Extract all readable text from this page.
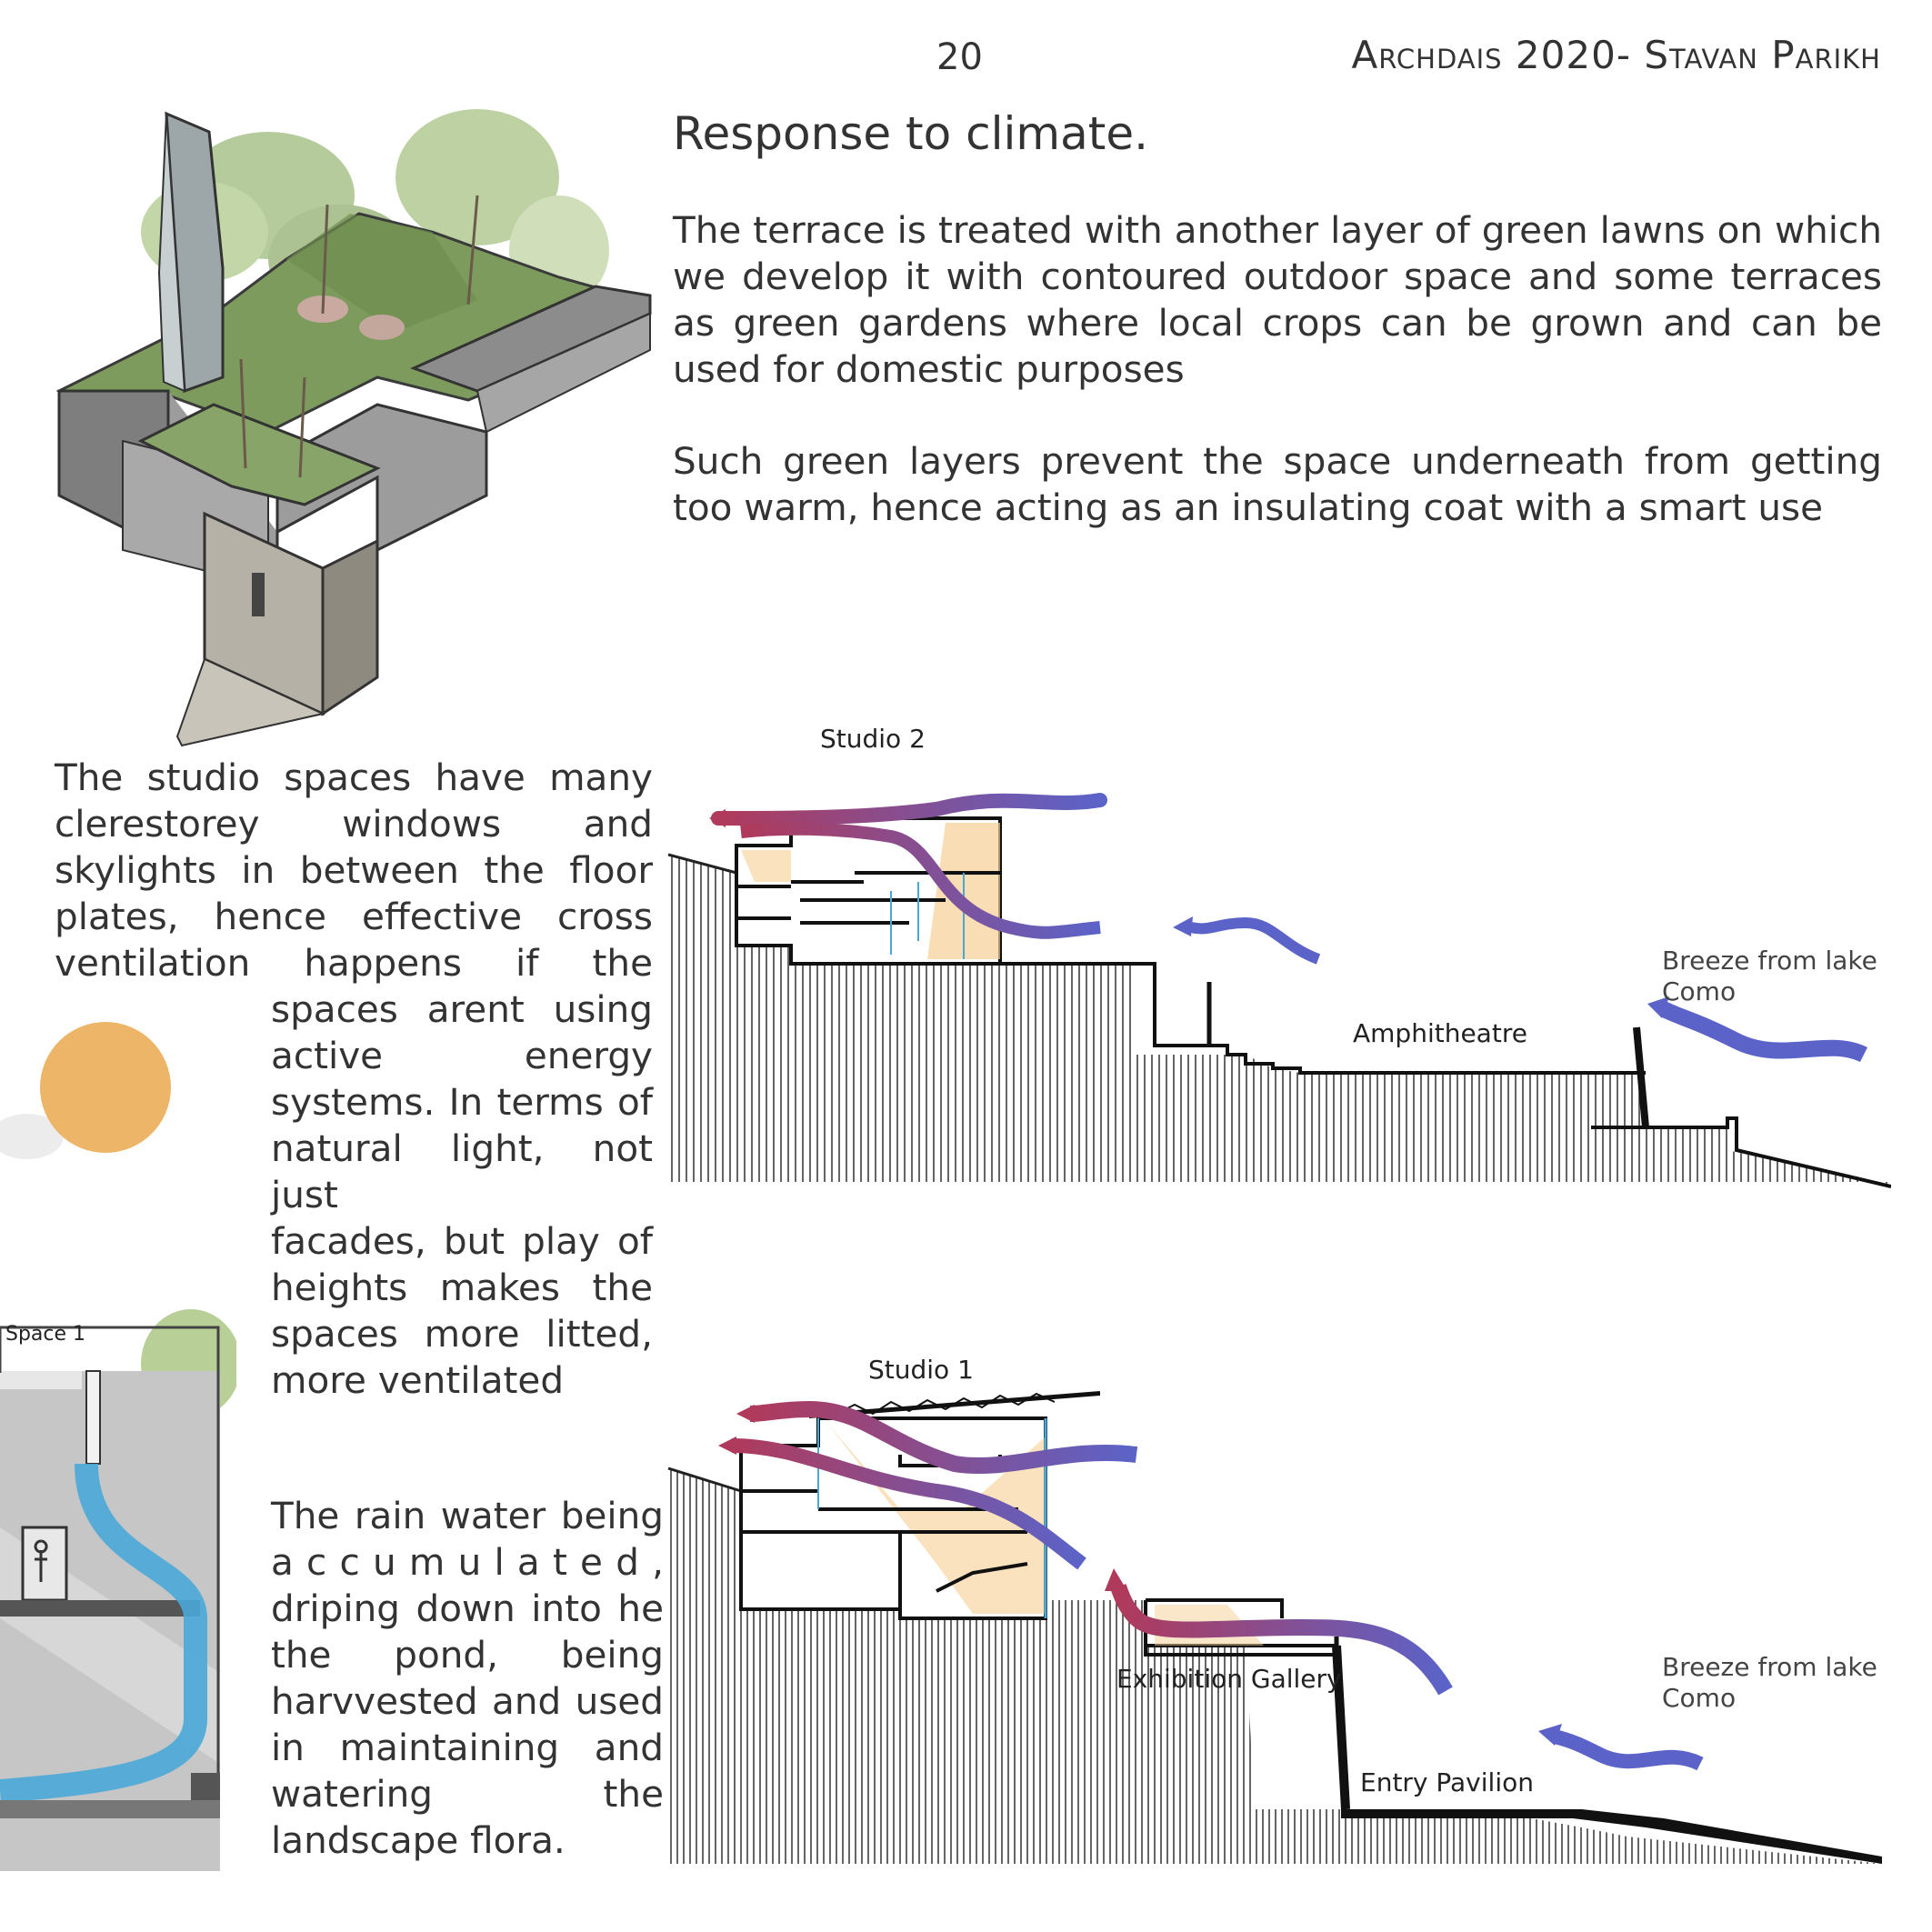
20	Archdais 2020- Stavan Parikh
Response to climate.

The terrace is treated with another layer of green lawns on which we develop it with contoured outdoor space and some terraces as green gardens where local crops can be grown and can be used for domestic purposes

Such green layers prevent the space underneath from getting too warm, hence acting as an insulating coat with a smart use

The studio spaces have many
clerestorey windows and
skylights in between the floor
plates, hence effective cross
ventilation happens if the
spaces arent using
active energy
systems. In terms of
natural light, not just
facades, but play of
heights makes the
spaces more litted,
more ventilated
The rain water being
a c c u m u l a t e d ,
driping down into he
the pond, being
harvvested and used
in maintaining and
watering the
landscape flora.
Space 1
Studio 2
Amphitheatre
Breeze from lake
Como
Studio 1
Exhibition Gallery
Entry Pavilion
Breeze from lake
Como
